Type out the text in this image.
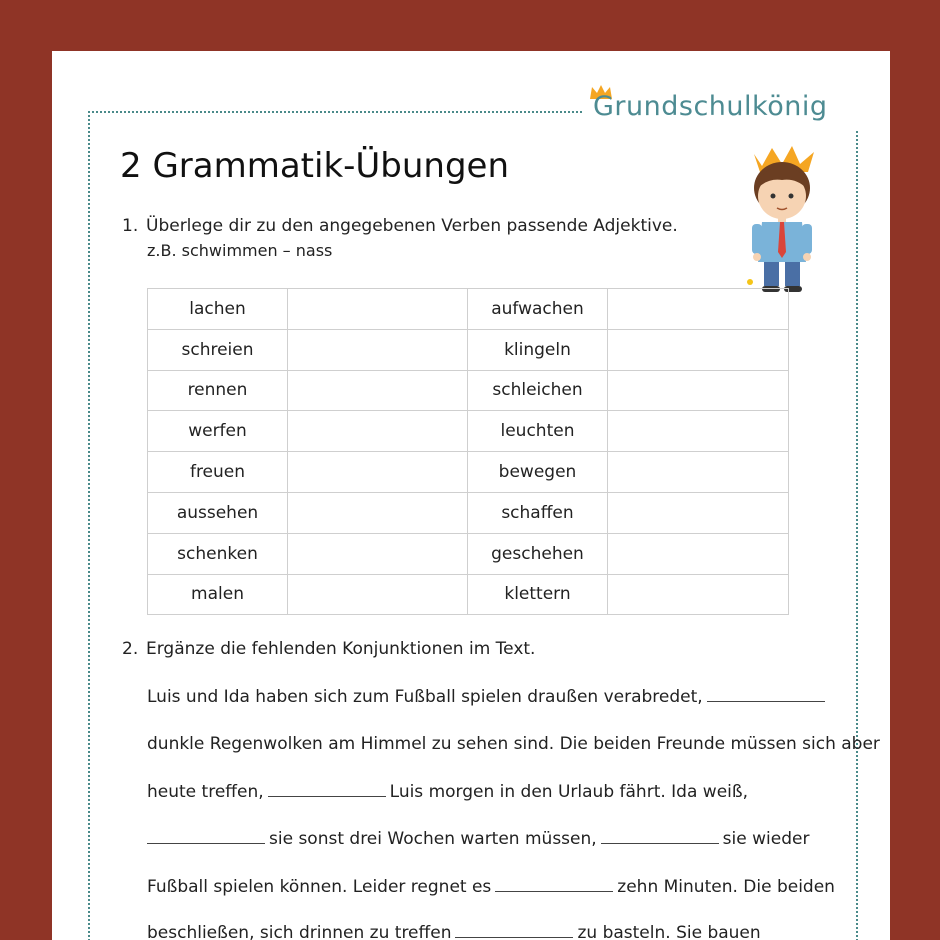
Grundschulkönig
2 Grammatik-Übungen
1. Überlege dir zu den angegebenen Verben passende Adjektive.
z.B. schwimmen – nass
lachen		aufwachen	
schreien		klingeln	
rennen		schleichen	
werfen		leuchten	
freuen		bewegen	
aussehen		schaffen	
schenken		geschehen	
malen		klettern	
2. Ergänze die fehlenden Konjunktionen im Text.
Luis und Ida haben sich zum Fußball spielen draußen verabredet,
dunkle Regenwolken am Himmel zu sehen sind. Die beiden Freunde müssen sich aber
heute treffen,	Luis morgen in den Urlaub fährt. Ida weiß,
sie sonst drei Wochen warten müssen,	sie wieder
Fußball spielen können. Leider regnet es	zehn Minuten. Die beiden
beschließen, sich drinnen zu treffen	zu basteln. Sie bauen
